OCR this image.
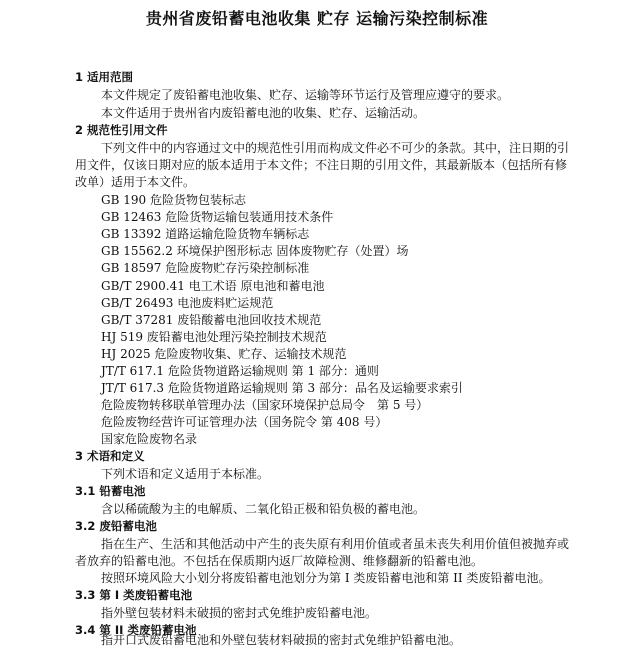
贵州省废铅蓄电池收集 贮存 运输污染控制标准
1 适用范围
本文件规定了废铅蓄电池收集、贮存、运输等环节运行及管理应遵守的要求。
本文件适用于贵州省内废铅蓄电池的收集、贮存、运输活动。
2 规范性引用文件
下列文件中的内容通过文中的规范性引用而构成文件必不可少的条款。其中，注日期的引
用文件，仅该日期对应的版本适用于本文件；不注日期的引用文件，其最新版本（包括所有修
改单）适用于本文件。
GB 190 危险货物包装标志
GB 12463 危险货物运输包装通用技术条件
GB 13392 道路运输危险货物车辆标志
GB 15562.2 环境保护图形标志 固体废物贮存（处置）场
GB 18597 危险废物贮存污染控制标准
GB/T 2900.41 电工术语 原电池和蓄电池
GB/T 26493 电池废料贮运规范
GB/T 37281 废铅酸蓄电池回收技术规范
HJ 519 废铅蓄电池处理污染控制技术规范
HJ 2025 危险废物收集、贮存、运输技术规范
JT/T 617.1 危险货物道路运输规则 第 1 部分：通则
JT/T 617.3 危险货物道路运输规则 第 3 部分：品名及运输要求索引
危险废物转移联单管理办法（国家环境保护总局令　第 5 号）
危险废物经营许可证管理办法（国务院令 第 408 号）
国家危险废物名录
3 术语和定义
下列术语和定义适用于本标准。
3.1 铅蓄电池
含以稀硫酸为主的电解质、二氧化铅正极和铅负极的蓄电池。
3.2 废铅蓄电池
指在生产、生活和其他活动中产生的丧失原有利用价值或者虽未丧失利用价值但被抛弃或
者放弃的铅蓄电池。不包括在保质期内返厂故障检测、维修翻新的铅蓄电池。
按照环境风险大小划分将废铅蓄电池划分为第 I 类废铅蓄电池和第 II 类废铅蓄电池。
3.3 第 I 类废铅蓄电池
指外壁包装材料未破损的密封式免维护废铅蓄电池。
3.4 第 II 类废铅蓄电池
指开口式废铅蓄电池和外壁包装材料破损的密封式免维护铅蓄电池。
